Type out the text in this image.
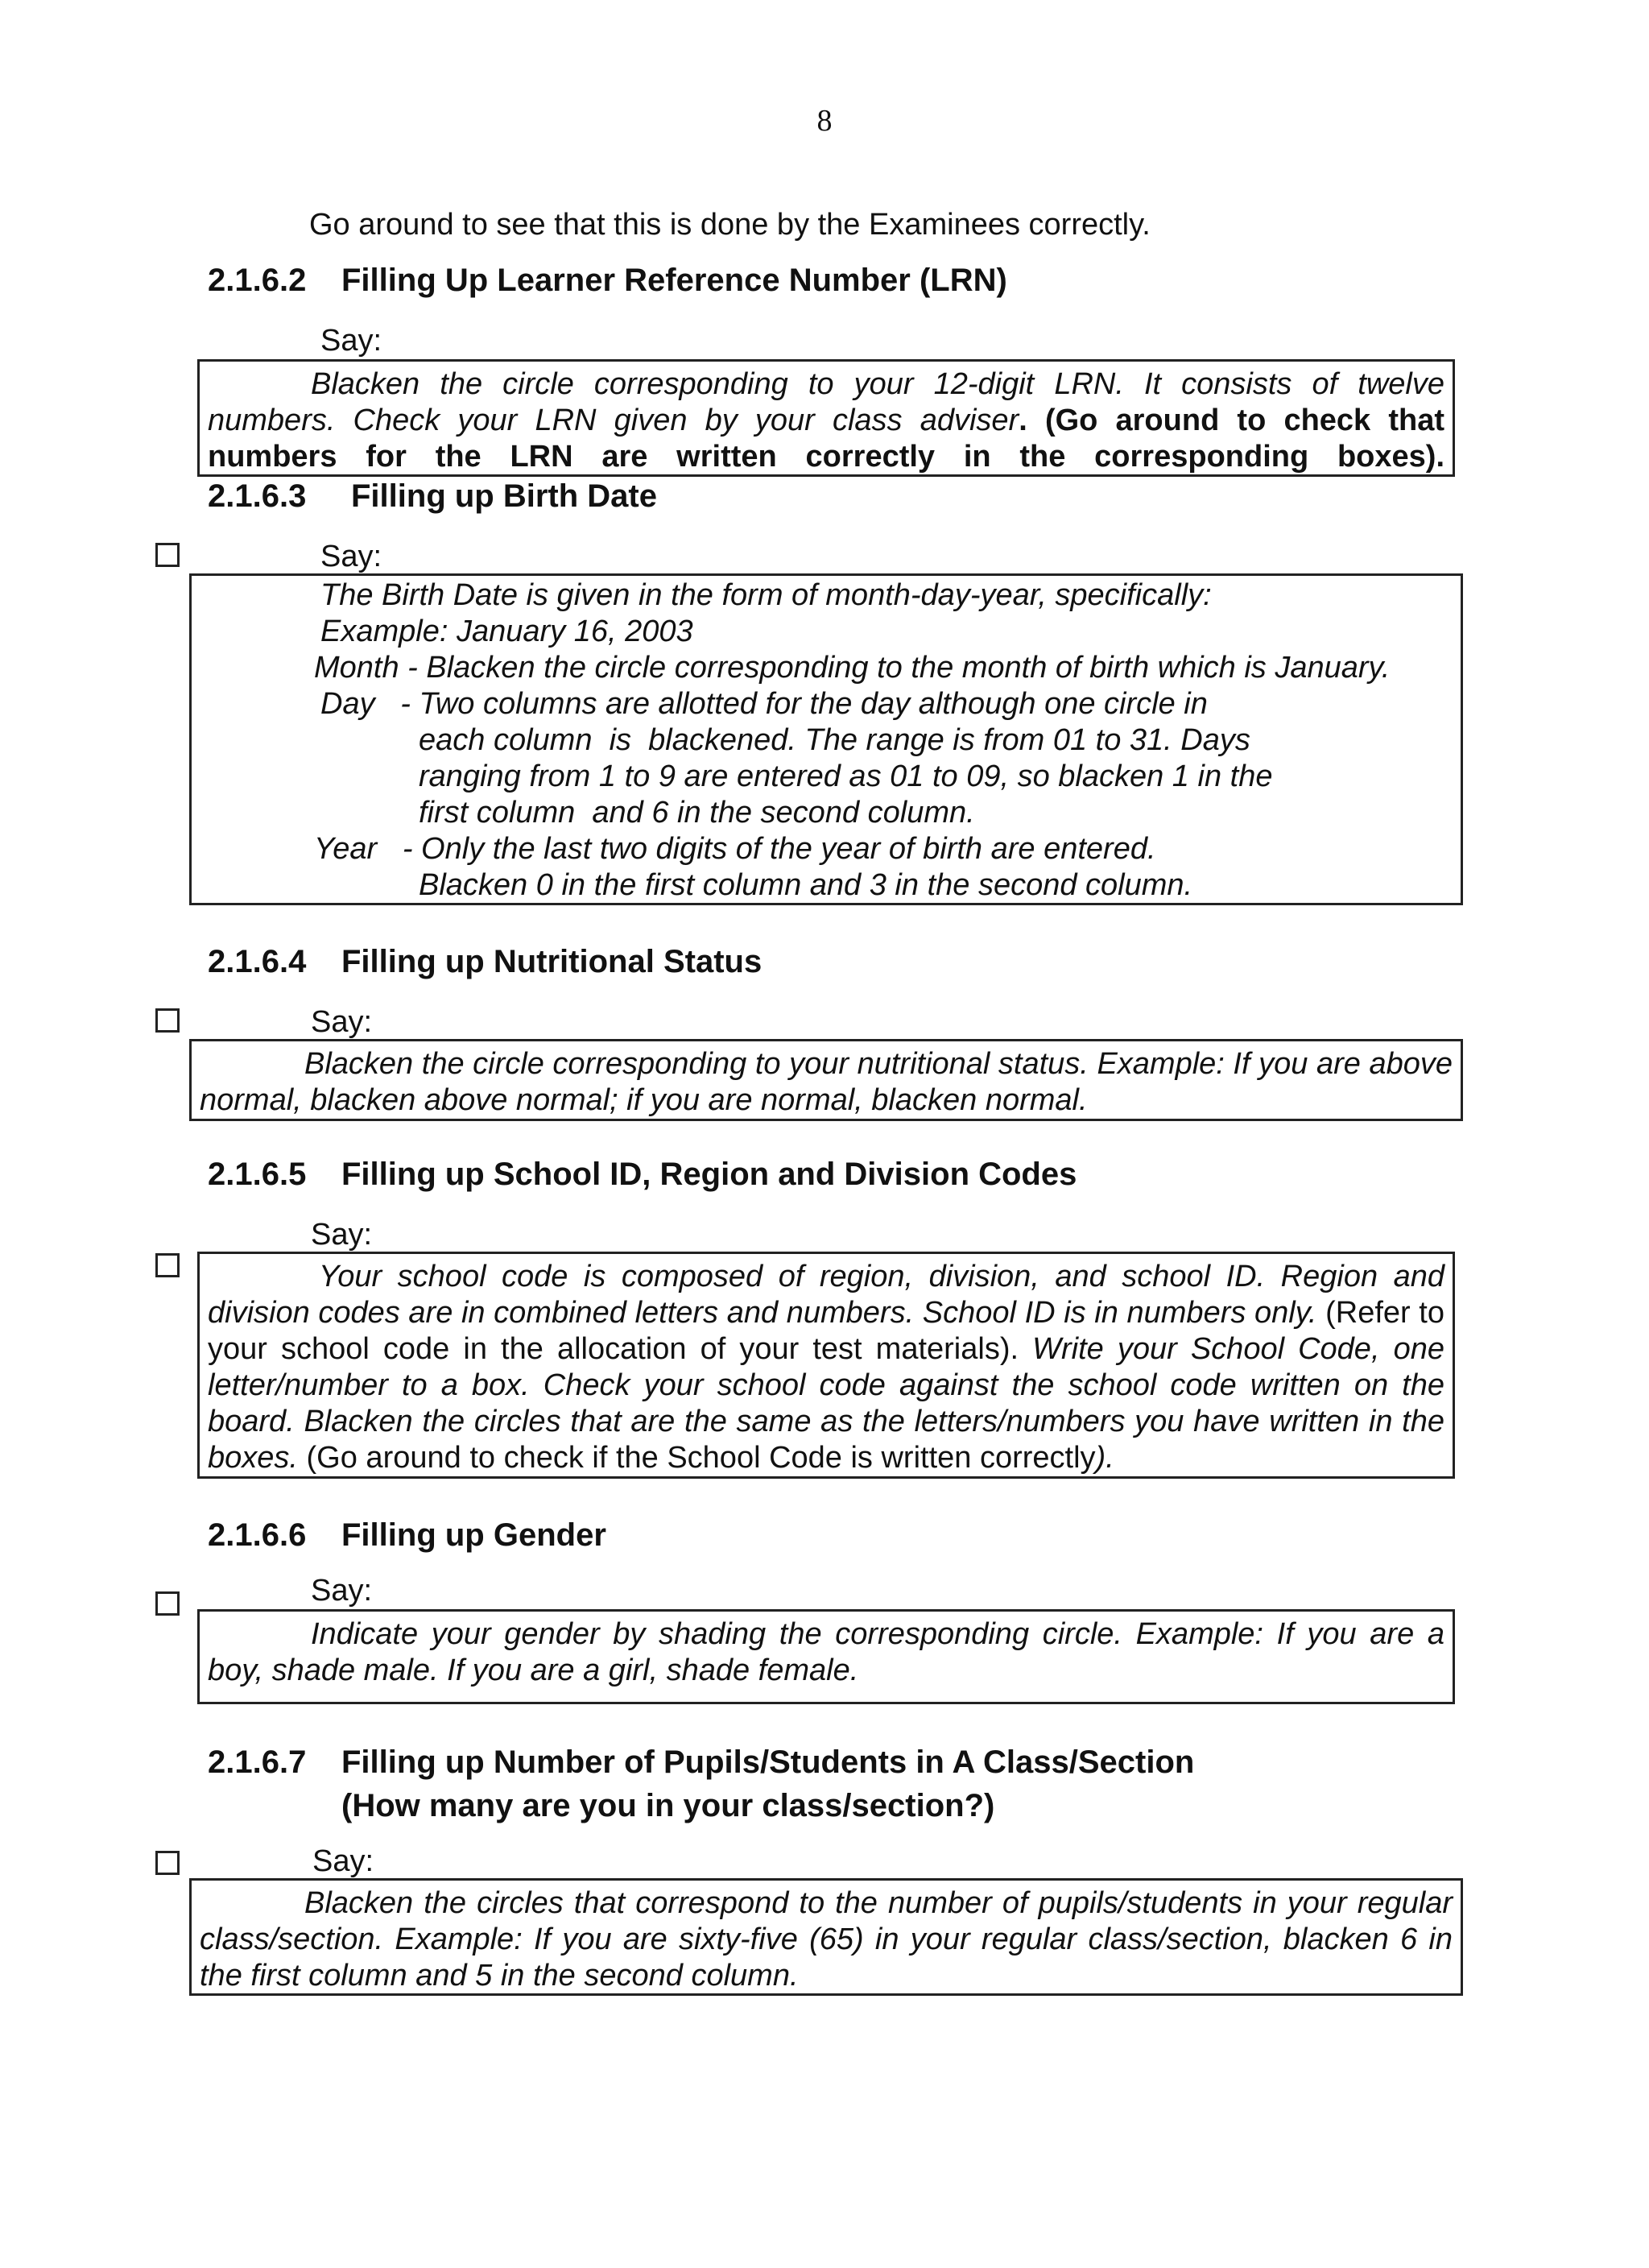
8
Go around to see that this is done by the Examinees correctly.
2.1.6.2 Filling Up Learner Reference Number (LRN)
Say:

Blacken the circle corresponding to your 12-digit LRN. It consists of twelve numbers. Check your LRN given by your class adviser. (Go around to check that numbers for the LRN are written correctly in the corresponding boxes).

2.1.6.3 Filling up Birth Date
Say:
The Birth Date is given in the form of month-day-year, specifically:
Example: January 16, 2003
Month - Blacken the circle corresponding to the month of birth which is January.
Day   - Two columns are allotted for the day although one circle in
each column  is  blackened. The range is from 01 to 31. Days
ranging from 1 to 9 are entered as 01 to 09, so blacken 1 in the
first column  and 6 in the second column.
Year   - Only the last two digits of the year of birth are entered.
Blacken 0 in the first column and 3 in the second column.
2.1.6.4 Filling up Nutritional Status
Say:

Blacken the circle corresponding to your nutritional status. Example: If you are above normal, blacken above normal; if you are normal, blacken normal.

2.1.6.5 Filling up School ID, Region and Division Codes
Say:

Your school code is composed of region, division, and school ID. Region and division codes are in combined letters and numbers. School ID is in numbers only. (Refer to your school code in the allocation of your test materials). Write your School Code, one letter/number to a box. Check your school code against the school code written on the board. Blacken the circles that are the same as the letters/numbers you have written in the boxes. (Go around to check if the School Code is written correctly).

2.1.6.6 Filling up Gender
Say:

Indicate your gender by shading the corresponding circle. Example: If you are a boy, shade male. If you are a girl, shade female.

2.1.6.7 Filling up Number of Pupils/Students in A Class/Section
(How many are you in your class/section?)
Say:

Blacken the circles that correspond to the number of pupils/students in your regular class/section. Example: If you are sixty-five (65) in your regular class/section, blacken 6 in the first column and 5 in the second column.
